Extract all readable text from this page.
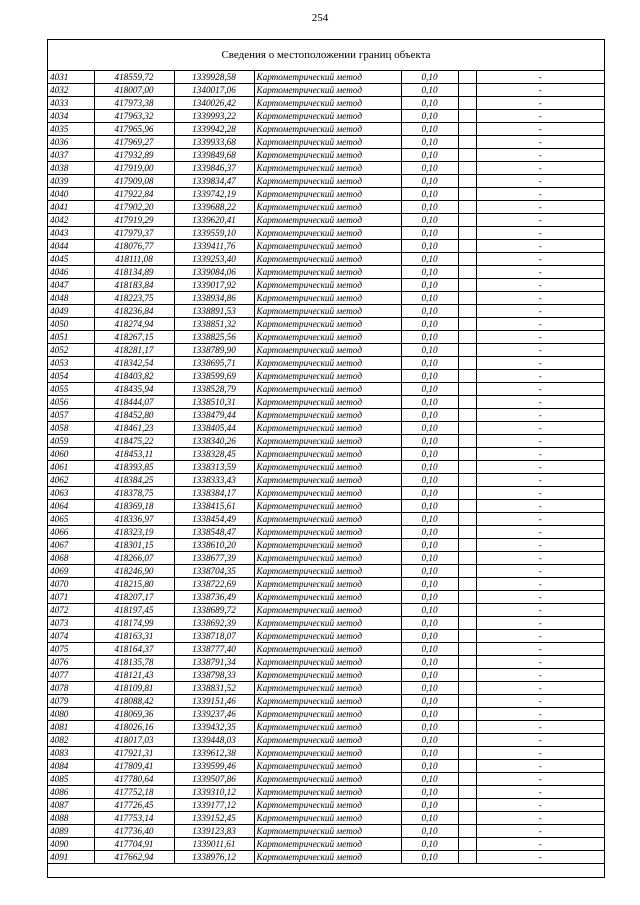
254
Сведения о местоположении границ объекта
4031	418559,72	1339928,58	Картометрический метод	0,10		-
4032	418007,00	1340017,06	Картометрический метод	0,10		-
4033	417973,38	1340026,42	Картометрический метод	0,10		-
4034	417963,32	1339993,22	Картометрический метод	0,10		-
4035	417965,96	1339942,28	Картометрический метод	0,10		-
4036	417969,27	1339933,68	Картометрический метод	0,10		-
4037	417932,89	1339849,68	Картометрический метод	0,10		-
4038	417919,00	1339846,37	Картометрический метод	0,10		-
4039	417909,08	1339834,47	Картометрический метод	0,10		-
4040	417922,84	1339742,19	Картометрический метод	0,10		-
4041	417902,20	1339688,22	Картометрический метод	0,10		-
4042	417919,29	1339620,41	Картометрический метод	0,10		-
4043	417979,37	1339559,10	Картометрический метод	0,10		-
4044	418076,77	1339411,76	Картометрический метод	0,10		-
4045	418111,08	1339253,40	Картометрический метод	0,10		-
4046	418134,89	1339084,06	Картометрический метод	0,10		-
4047	418183,84	1339017,92	Картометрический метод	0,10		-
4048	418223,75	1338934,86	Картометрический метод	0,10		-
4049	418236,84	1338891,53	Картометрический метод	0,10		-
4050	418274,94	1338851,32	Картометрический метод	0,10		-
4051	418267,15	1338825,56	Картометрический метод	0,10		-
4052	418281,17	1338789,90	Картометрический метод	0,10		-
4053	418342,54	1338695,71	Картометрический метод	0,10		-
4054	418403,82	1338599,69	Картометрический метод	0,10		-
4055	418435,94	1338528,79	Картометрический метод	0,10		-
4056	418444,07	1338510,31	Картометрический метод	0,10		-
4057	418452,80	1338479,44	Картометрический метод	0,10		-
4058	418461,23	1338405,44	Картометрический метод	0,10		-
4059	418475,22	1338340,26	Картометрический метод	0,10		-
4060	418453,11	1338328,45	Картометрический метод	0,10		-
4061	418393,85	1338313,59	Картометрический метод	0,10		-
4062	418384,25	1338333,43	Картометрический метод	0,10		-
4063	418378,75	1338384,17	Картометрический метод	0,10		-
4064	418369,18	1338415,61	Картометрический метод	0,10		-
4065	418336,97	1338454,49	Картометрический метод	0,10		-
4066	418323,19	1338548,47	Картометрический метод	0,10		-
4067	418301,15	1338610,20	Картометрический метод	0,10		-
4068	418266,07	1338677,39	Картометрический метод	0,10		-
4069	418246,90	1338704,35	Картометрический метод	0,10		-
4070	418215,80	1338722,69	Картометрический метод	0,10		-
4071	418207,17	1338736,49	Картометрический метод	0,10		-
4072	418197,45	1338689,72	Картометрический метод	0,10		-
4073	418174,99	1338692,39	Картометрический метод	0,10		-
4074	418163,31	1338718,07	Картометрический метод	0,10		-
4075	418164,37	1338777,40	Картометрический метод	0,10		-
4076	418135,78	1338791,34	Картометрический метод	0,10		-
4077	418121,43	1338798,33	Картометрический метод	0,10		-
4078	418109,81	1338831,52	Картометрический метод	0,10		-
4079	418088,42	1339151,46	Картометрический метод	0,10		-
4080	418069,36	1339237,46	Картометрический метод	0,10		-
4081	418026,16	1339432,35	Картометрический метод	0,10		-
4082	418017,03	1339448,03	Картометрический метод	0,10		-
4083	417921,31	1339612,38	Картометрический метод	0,10		-
4084	417809,41	1339599,46	Картометрический метод	0,10		-
4085	417780,64	1339507,86	Картометрический метод	0,10		-
4086	417752,18	1339310,12	Картометрический метод	0,10		-
4087	417726,45	1339177,12	Картометрический метод	0,10		-
4088	417753,14	1339152,45	Картометрический метод	0,10		-
4089	417736,40	1339123,83	Картометрический метод	0,10		-
4090	417704,91	1339011,61	Картометрический метод	0,10		-
4091	417662,94	1338976,12	Картометрический метод	0,10		-
